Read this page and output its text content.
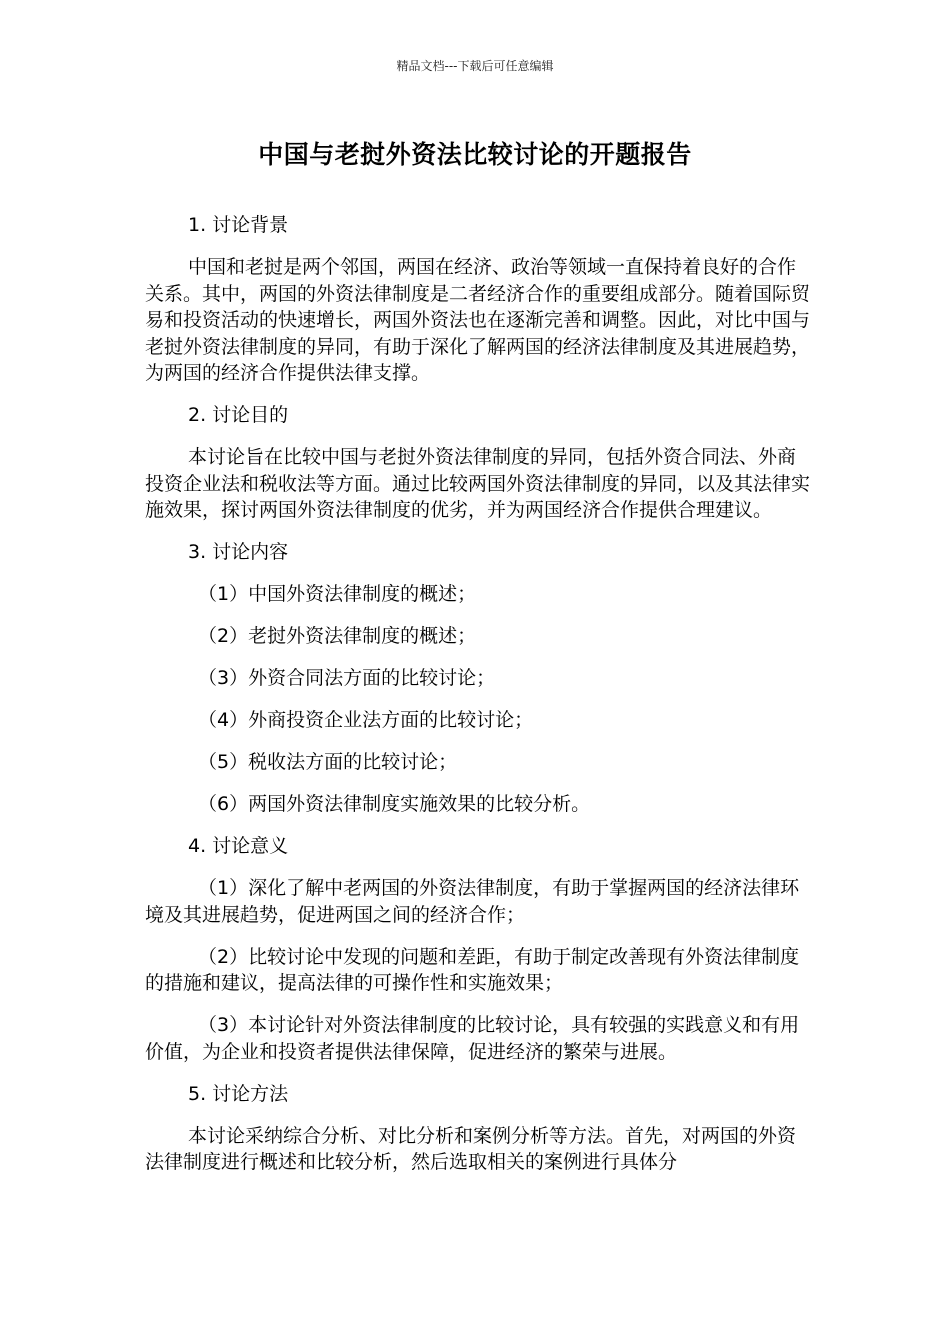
精品文档---下载后可任意编辑
中国与老挝外资法比较讨论的开题报告
1. 讨论背景
中国和老挝是两个邻国，两国在经济、政治等领域一直保持着良好的合作关系。其中，两国的外资法律制度是二者经济合作的重要组成部分。随着国际贸易和投资活动的快速增长，两国外资法也在逐渐完善和调整。因此，对比中国与老挝外资法律制度的异同，有助于深化了解两国的经济法律制度及其进展趋势，为两国的经济合作提供法律支撑。
2. 讨论目的
本讨论旨在比较中国与老挝外资法律制度的异同，包括外资合同法、外商投资企业法和税收法等方面。通过比较两国外资法律制度的异同，以及其法律实施效果，探讨两国外资法律制度的优劣，并为两国经济合作提供合理建议。
3. 讨论内容
（1）中国外资法律制度的概述；
（2）老挝外资法律制度的概述；
（3）外资合同法方面的比较讨论；
（4）外商投资企业法方面的比较讨论；
（5）税收法方面的比较讨论；
（6）两国外资法律制度实施效果的比较分析。
4. 讨论意义
（1）深化了解中老两国的外资法律制度，有助于掌握两国的经济法律环境及其进展趋势，促进两国之间的经济合作；
（2）比较讨论中发现的问题和差距，有助于制定改善现有外资法律制度的措施和建议，提高法律的可操作性和实施效果；
（3）本讨论针对外资法律制度的比较讨论，具有较强的实践意义和有用价值，为企业和投资者提供法律保障，促进经济的繁荣与进展。
5. 讨论方法
本讨论采纳综合分析、对比分析和案例分析等方法。首先，对两国的外资法律制度进行概述和比较分析，然后选取相关的案例进行具体分
